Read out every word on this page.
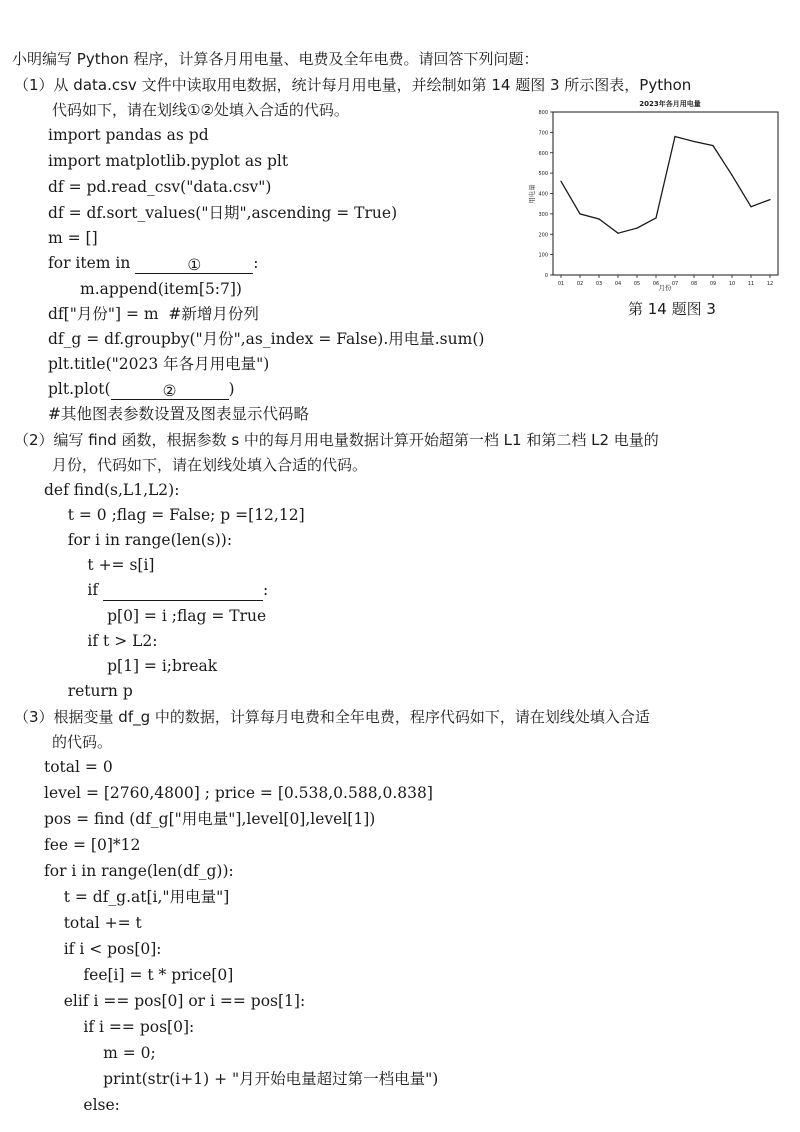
小明编写 Python 程序，计算各月用电量、电费及全年电费。请回答下列问题：
（1）从 data.csv 文件中读取用电数据，统计每月用电量，并绘制如第 14 题图 3 所示图表，Python
代码如下，请在划线①②处填入合适的代码。
import pandas as pd
import matplotlib.pyplot as plt
df = pd.read_csv("data.csv")
df = df.sort_values("日期",ascending = True)
m = []
for item in	①	:
m.append(item[5:7])
df["月份"] = m  #新增月份列
df_g = df.groupby("月份",as_index = False).用电量.sum()
plt.title("2023 年各月用电量")
plt.plot(	②	)
#其他图表参数设置及图表显示代码略
2023年各月用电量
0
100
200
300
400
500
600
700
800
01	02	03	04	05	06	07	08	09	10	11	12
用电量
月份
第 14 题图 3
（2）编写 find 函数，根据参数 s 中的每月用电量数据计算开始超第一档 L1 和第二档 L2 电量的
月份，代码如下，请在划线处填入合适的代码。
def find(s,L1,L2):
t = 0 ;flag = False; p =[12,12]
for i in range(len(s)):
t += s[i]
if	:
p[0] = i ;flag = True
if t > L2:
p[1] = i;break
return p
（3）根据变量 df_g 中的数据，计算每月电费和全年电费，程序代码如下，请在划线处填入合适
的代码。
total = 0
level = [2760,4800] ; price = [0.538,0.588,0.838]
pos = find (df_g["用电量"],level[0],level[1])
fee = [0]*12
for i in range(len(df_g)):
t = df_g.at[i,"用电量"]
total += t
if i < pos[0]:
fee[i] = t * price[0]
elif i == pos[0] or i == pos[1]:
if i == pos[0]:
m = 0;
print(str(i+1) + "月开始电量超过第一档电量")
else:
